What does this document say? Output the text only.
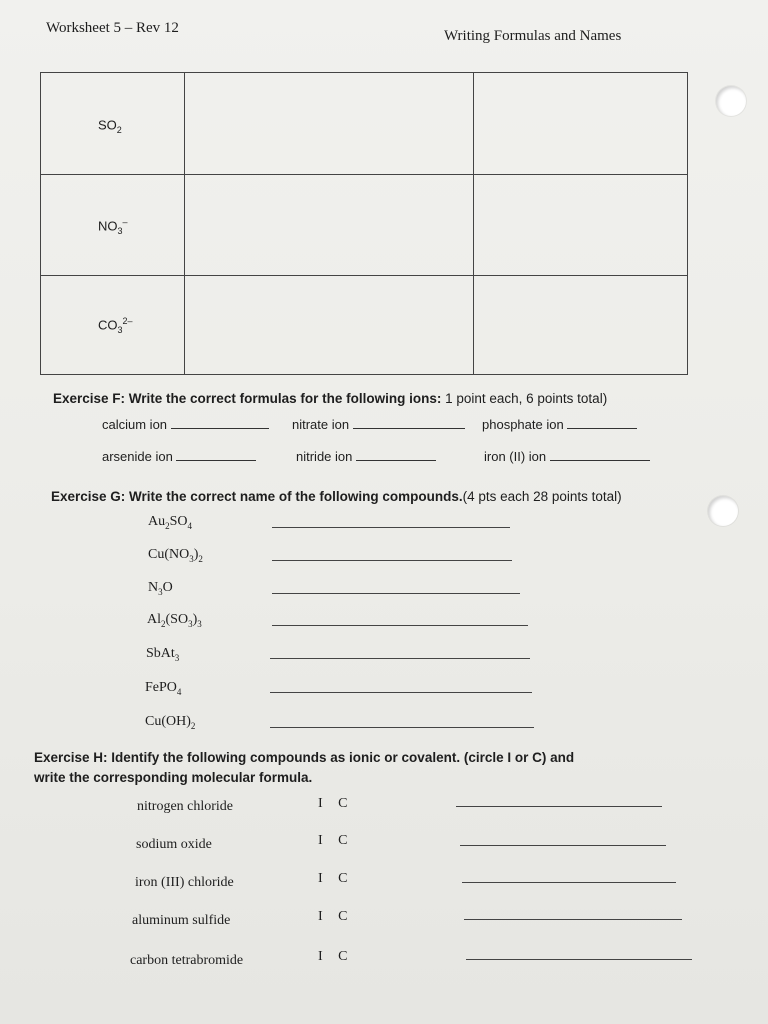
Worksheet 5 – Rev 12	Writing Formulas and Names
$SO_2$
$NO_3^-$
$CO_3^{2-}$
Exercise F: Write the correct formulas for the following ions: 1 point each, 6 points total)
calcium ion	nitrate ion	phosphate ion
arsenide ion	nitride ion	iron (II) ion
Exercise G: Write the correct name of the following compounds.(4 pts each 28 points total)
$Au_2SO_4$
$Cu(NO_3)_2$
$N_3O$
$Al_2(SO_3)_3$
SbAt$_3$
FePO$_4$
$Cu(OH)_2$
Exercise H: Identify the following compounds as ionic or covalent. (circle I or C) and
write the corresponding molecular formula.
nitrogen chloride	I C
sodium oxide	I C
iron (III) chloride	I C
aluminum sulfide	I C
carbon tetrabromide	I C
